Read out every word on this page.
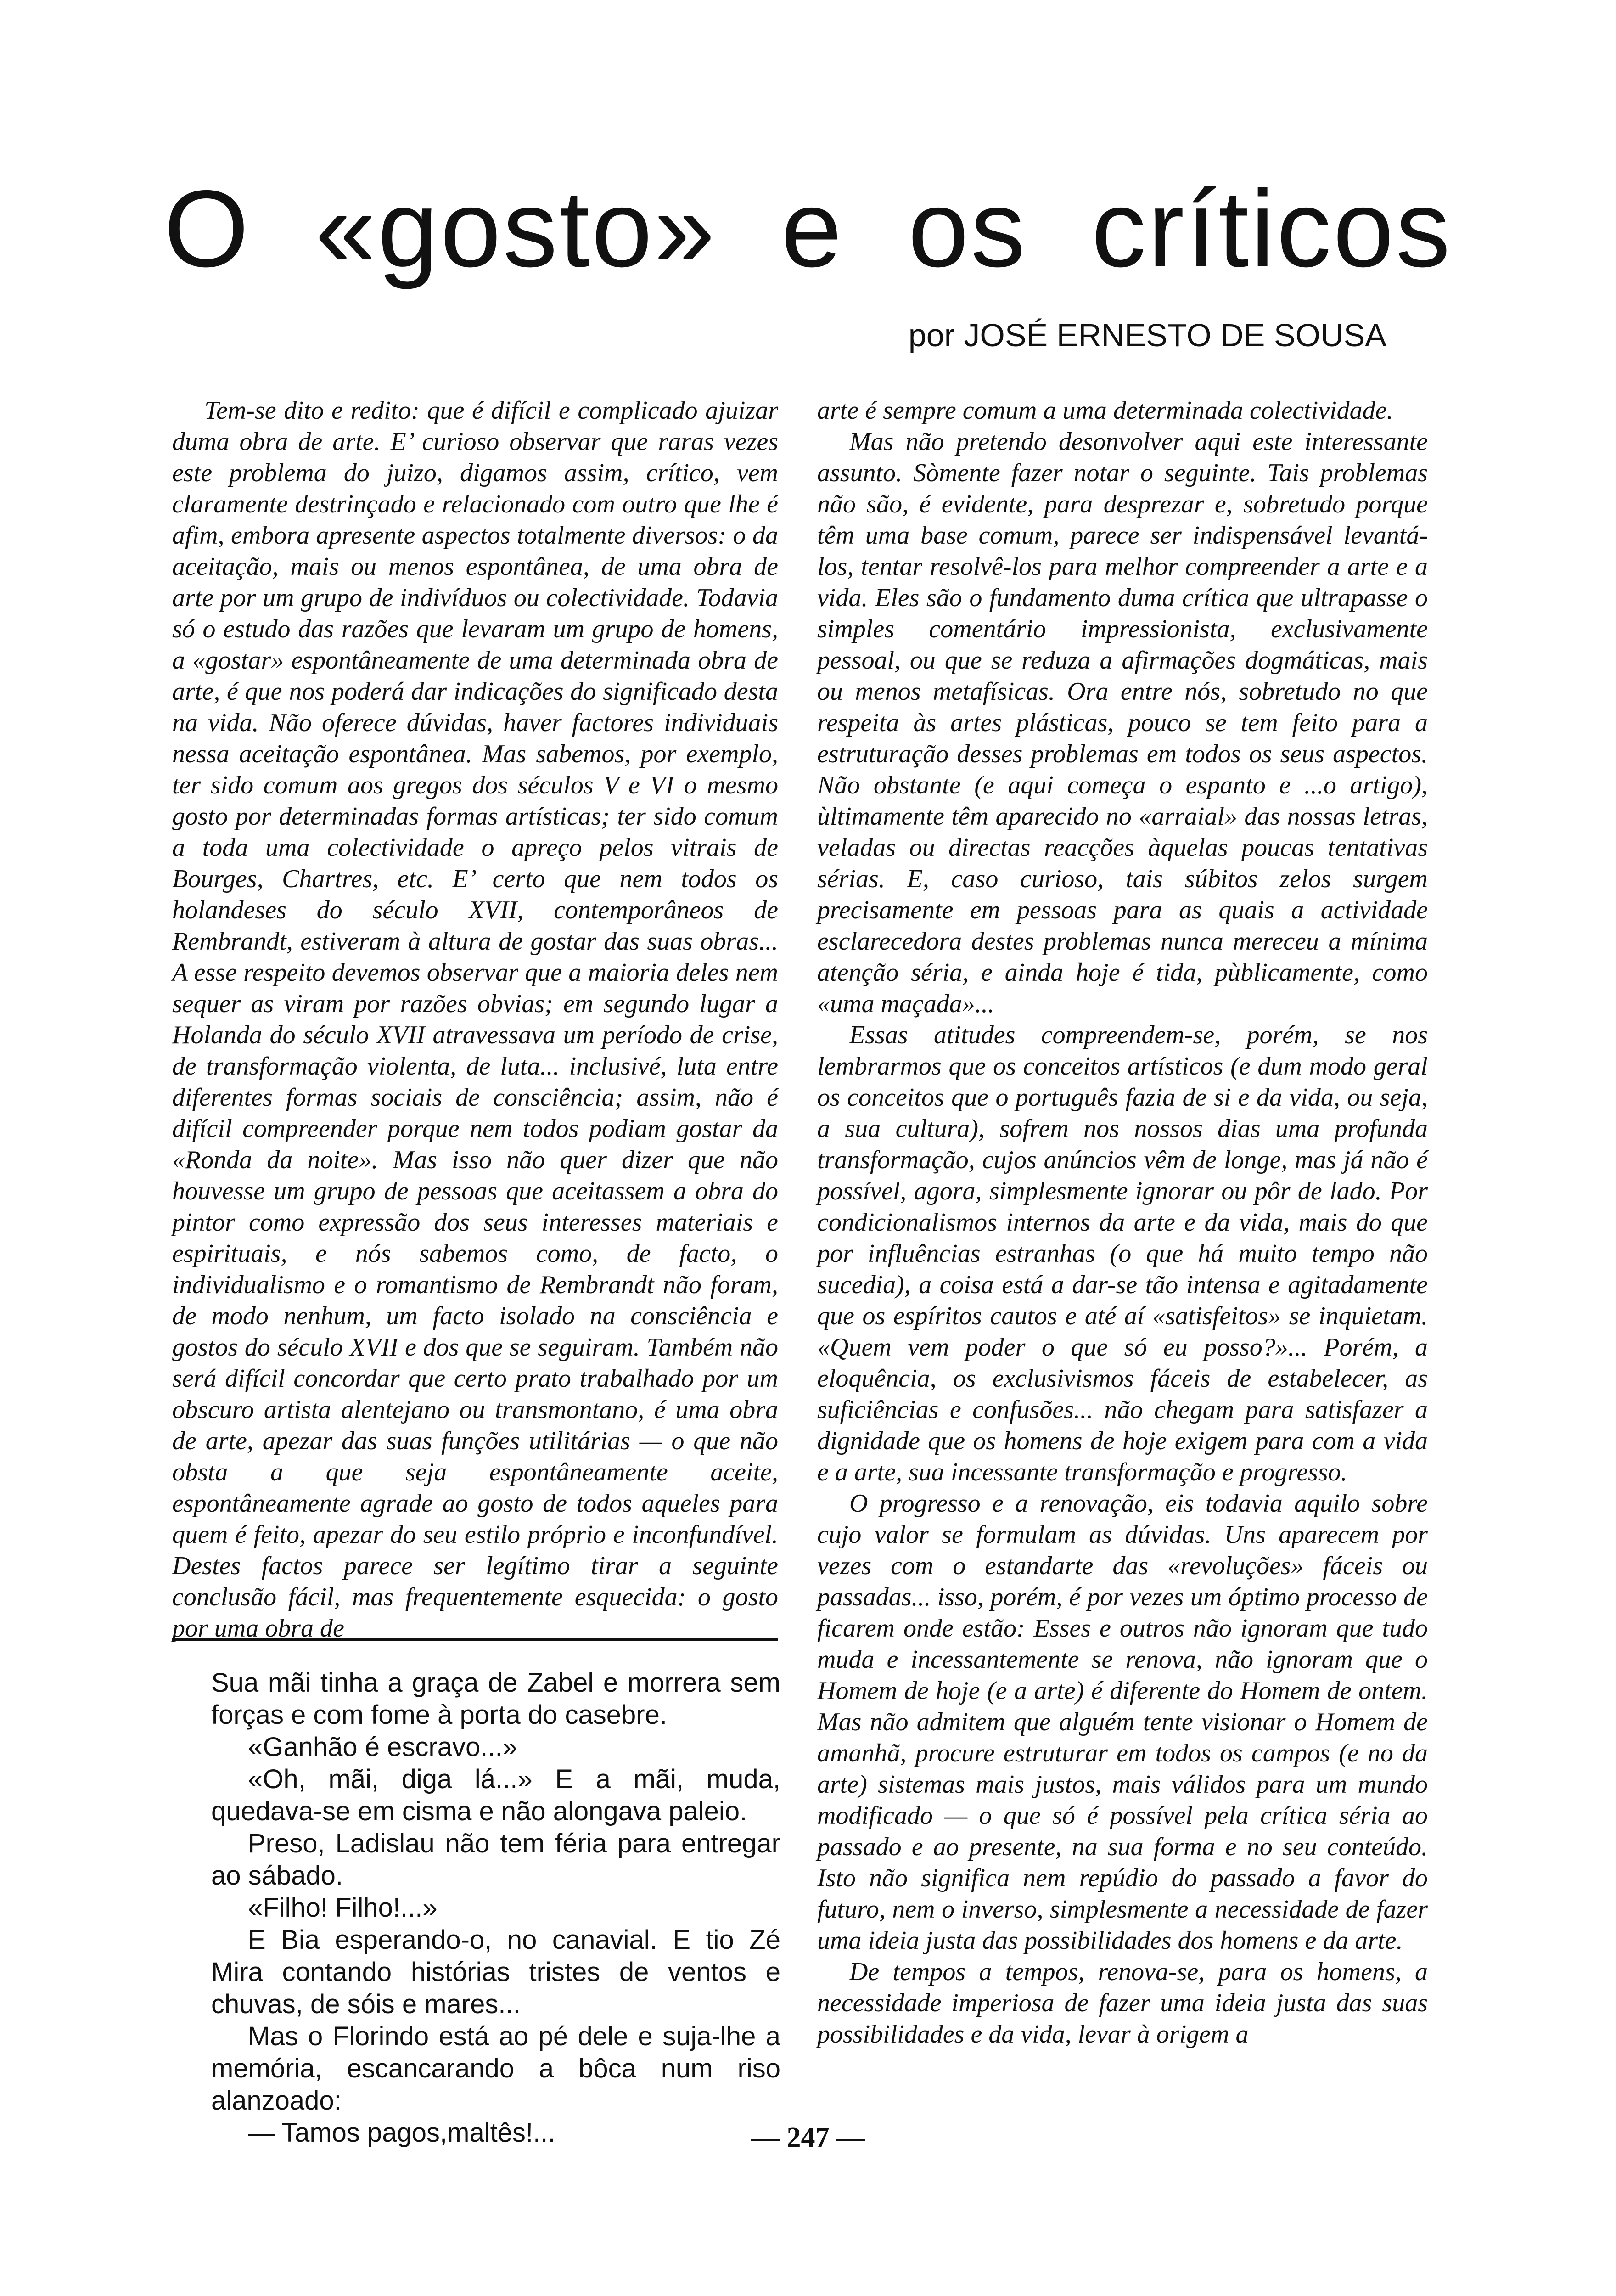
O «gosto» e os críticos
por JOSÉ ERNESTO DE SOUSA

Tem-se dito e redito: que é difícil e complicado ajuizar duma obra de arte. E’ curioso observar que raras vezes este problema do juizo, digamos assim, crítico, vem claramente destrinçado e relacionado com outro que lhe é afim, embora apresente aspectos totalmente diversos: o da aceitação, mais ou menos espontânea, de uma obra de arte por um grupo de indivíduos ou colectividade. Todavia só o estudo das razões que levaram um grupo de homens, a «gostar» espontâneamente de uma determinada obra de arte, é que nos poderá dar indicações do significado desta na vida. Não oferece dúvidas, haver factores individuais nessa aceitação espontânea. Mas sabemos, por exemplo, ter sido comum aos gregos dos séculos V e VI o mesmo gosto por determinadas formas artísticas; ter sido comum a toda uma colectividade o apreço pelos vitrais de Bourges, Chartres, etc. E’ certo que nem todos os holandeses do século XVII, contemporâneos de Rembrandt, estiveram à altura de gostar das suas obras... A esse respeito devemos observar que a maioria deles nem sequer as viram por razões obvias; em segundo lugar a Holanda do século XVII atravessava um período de crise, de transformação violenta, de luta... inclusivé, luta entre diferentes formas sociais de consciência; assim, não é difícil compreender porque nem todos podiam gostar da «Ronda da noite». Mas isso não quer dizer que não houvesse um grupo de pessoas que aceitassem a obra do pintor como expressão dos seus interesses materiais e espirituais, e nós sabemos como, de facto, o individualismo e o romantismo de Rembrandt não foram, de modo nenhum, um facto isolado na consciência e gostos do século XVII e dos que se seguiram. Também não será difícil concordar que certo prato trabalhado por um obscuro artista alentejano ou transmontano, é uma obra de arte, apezar das suas funções utilitárias — o que não obsta a que seja espontâneamente aceite, espontâneamente agrade ao gosto de todos aqueles para quem é feito, apezar do seu estilo próprio e inconfundível. Destes factos parece ser legítimo tirar a seguinte conclusão fácil, mas frequentemente esquecida: o gosto por uma obra de

arte é sempre comum a uma determinada colectividade.

Mas não pretendo desonvolver aqui este interessante assunto. Sòmente fazer notar o seguinte. Tais problemas não são, é evidente, para desprezar e, sobretudo porque têm uma base comum, parece ser indispensável levantá-los, tentar resolvê-los para melhor compreender a arte e a vida. Eles são o fundamento duma crítica que ultrapasse o simples comentário impressionista, exclusivamente pessoal, ou que se reduza a afirmações dogmáticas, mais ou menos metafísicas. Ora entre nós, sobretudo no que respeita às artes plásticas, pouco se tem feito para a estruturação desses problemas em todos os seus aspectos. Não obstante (e aqui começa o espanto e ...o artigo), ùltimamente têm aparecido no «arraial» das nossas letras, veladas ou directas reacções àquelas poucas tentativas sérias. E, caso curioso, tais súbitos zelos surgem precisamente em pessoas para as quais a actividade esclarecedora destes problemas nunca mereceu a mínima atenção séria, e ainda hoje é tida, pùblicamente, como «uma maçada»...

Essas atitudes compreendem-se, porém, se nos lembrarmos que os conceitos artísticos (e dum modo geral os conceitos que o português fazia de si e da vida, ou seja, a sua cultura), sofrem nos nossos dias uma profunda transformação, cujos anúncios vêm de longe, mas já não é possível, agora, simplesmente ignorar ou pôr de lado. Por condicionalismos internos da arte e da vida, mais do que por influências estranhas (o que há muito tempo não sucedia), a coisa está a dar-se tão intensa e agitadamente que os espíritos cautos e até aí «satisfeitos» se inquietam. «Quem vem poder o que só eu posso?»... Porém, a eloquência, os exclusivismos fáceis de estabelecer, as suficiências e confusões... não chegam para satisfazer a dignidade que os homens de hoje exigem para com a vida e a arte, sua incessante transformação e progresso.

O progresso e a renovação, eis todavia aquilo sobre cujo valor se formulam as dúvidas. Uns aparecem por vezes com o estandarte das «revoluções» fáceis ou passadas... isso, porém, é por vezes um óptimo processo de ficarem onde estão: Esses e outros não ignoram que tudo muda e incessantemente se renova, não ignoram que o Homem de hoje (e a arte) é diferente do Homem de ontem. Mas não admitem que alguém tente visionar o Homem de amanhã, procure estruturar em todos os campos (e no da arte) sistemas mais justos, mais válidos para um mundo modificado — o que só é possível pela crítica séria ao passado e ao presente, na sua forma e no seu conteúdo. Isto não significa nem repúdio do passado a favor do futuro, nem o inverso, simplesmente a necessidade de fazer uma ideia justa das possibilidades dos homens e da arte.

De tempos a tempos, renova-se, para os homens, a necessidade imperiosa de fazer uma ideia justa das suas possibilidades e da vida, levar à origem a

Sua mãi tinha a graça de Zabel e morrera sem forças e com fome à porta do casebre.

«Ganhão é escravo...»

«Oh, mãi, diga lá...» E a mãi, muda, quedava-se em cisma e não alongava paleio.

Preso, Ladislau não tem féria para entregar ao sábado.

«Filho! Filho!...»

E Bia esperando-o, no canavial. E tio Zé Mira contando histórias tristes de ventos e chuvas, de sóis e mares...

Mas o Florindo está ao pé dele e suja-lhe a memória, escancarando a bôca num riso alanzoado:

— Tamos pagos,maltês!...	— 247 —
